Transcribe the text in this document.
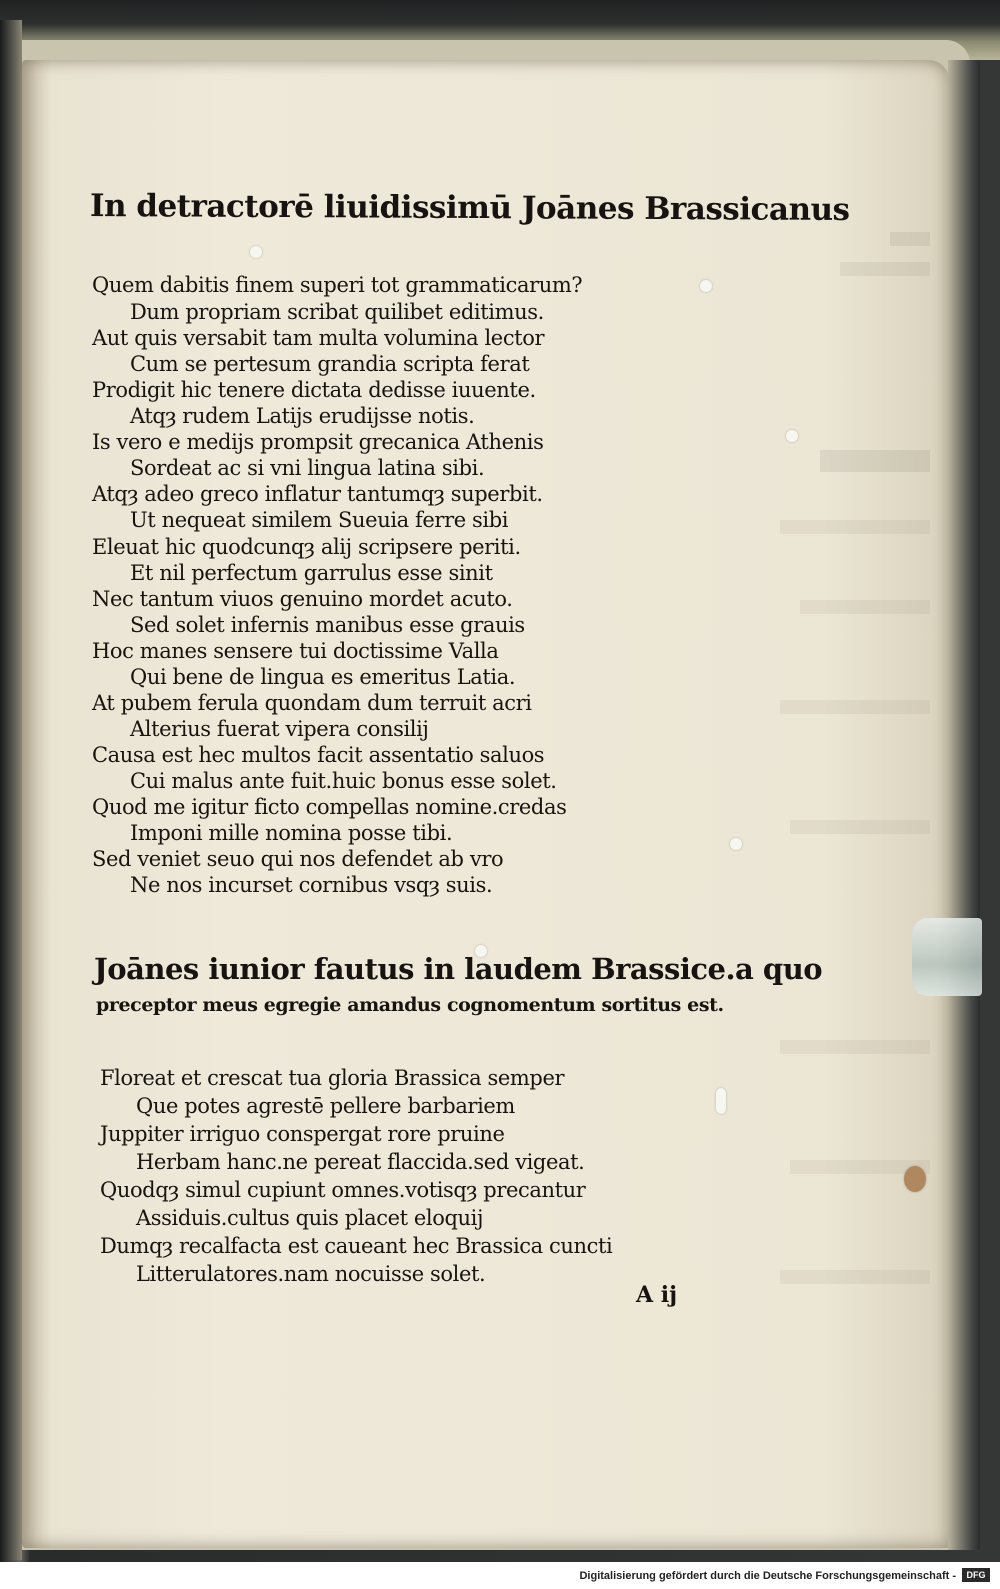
In detractorē liuidissimū Joānes Brassicanus
Quem dabitis finem superi tot grammaticarum?
Dum propriam scribat quilibet editimus.
Aut quis versabit tam multa volumina lector
Cum se pertesum grandia scripta ferat
Prodigit hic tenere dictata dedisse iuuente.
Atqȝ rudem Latijs erudijsse notis.
Is vero e medijs prompsit grecanica Athenis
Sordeat ac si vni lingua latina sibi.
Atqȝ adeo greco inflatur tantumqȝ superbit.
Ut nequeat similem Sueuia ferre sibi
Eleuat hic quodcunqȝ alij scripsere periti.
Et nil perfectum garrulus esse sinit
Nec tantum viuos genuino mordet acuto.
Sed solet infernis manibus esse grauis
Hoc manes sensere tui doctissime Valla
Qui bene de lingua es emeritus Latia.
At pubem ferula quondam dum terruit acri
Alterius fuerat vipera consilij
Causa est hec multos facit assentatio saluos
Cui malus ante fuit.huic bonus esse solet.
Quod me igitur ficto compellas nomine.credas
Imponi mille nomina posse tibi.
Sed veniet seuo qui nos defendet ab vro
Ne nos incurset cornibus vsqȝ suis.
Joānes iunior fautus in laudem Brassice.a quo
preceptor meus egregie amandus cognomentum sortitus est.
Floreat et crescat tua gloria Brassica semper
Que potes agrestē pellere barbariem
Juppiter irriguo conspergat rore pruine
Herbam hanc.ne pereat flaccida.sed vigeat.
Quodqȝ simul cupiunt omnes.votisqȝ precantur
Assiduis.cultus quis placet eloquij
Dumqȝ recalfacta est caueant hec Brassica cuncti
Litterulatores.nam nocuisse solet.
A ij
Digitalisierung gefördert durch die Deutsche Forschungsgemeinschaft -	DFG
